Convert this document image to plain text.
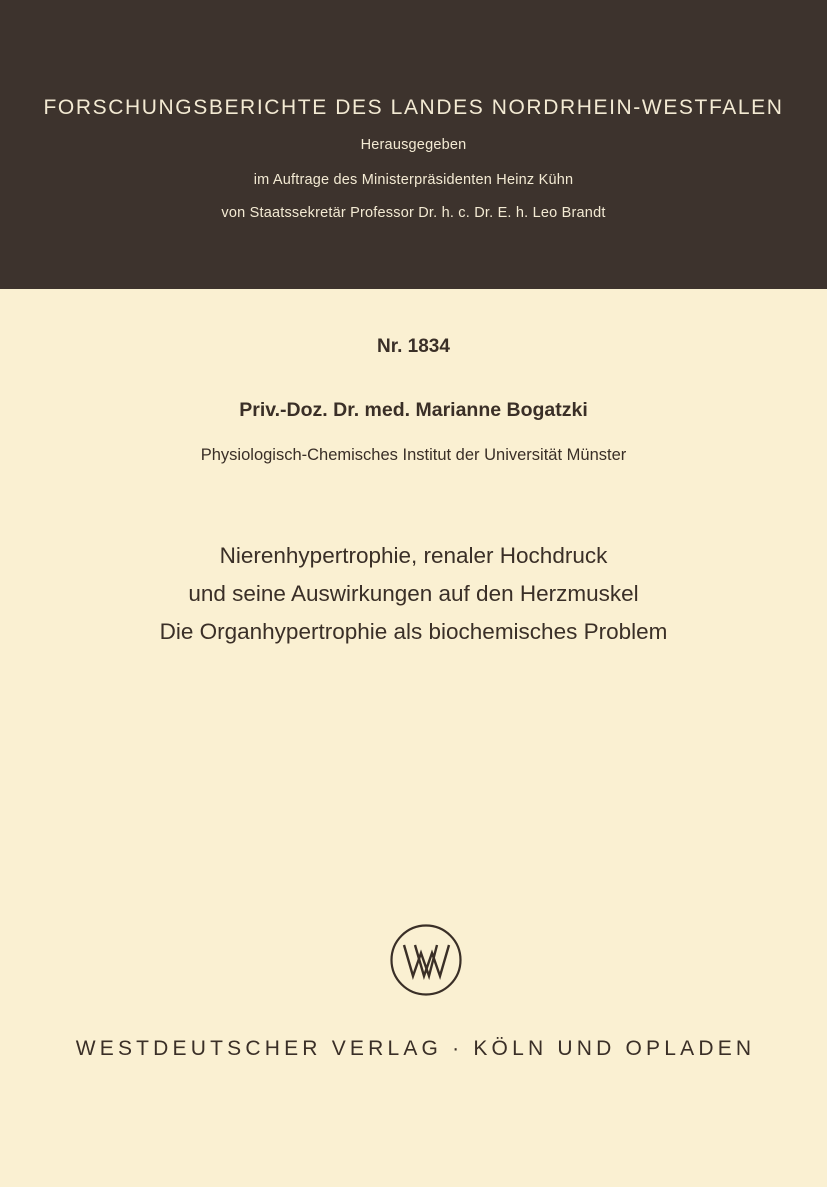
FORSCHUNGSBERICHTE DES LANDES NORDRHEIN-WESTFALEN
Herausgegeben
im Auftrage des Ministerpräsidenten Heinz Kühn
von Staatssekretär Professor Dr. h. c. Dr. E. h. Leo Brandt
Nr. 1834
Priv.-Doz. Dr. med. Marianne Bogatzki
Physiologisch-Chemisches Institut der Universität Münster
Nierenhypertrophie, renaler Hochdruck
und seine Auswirkungen auf den Herzmuskel
Die Organhypertrophie als biochemisches Problem
WESTDEUTSCHER VERLAG · KÖLN UND OPLADEN
